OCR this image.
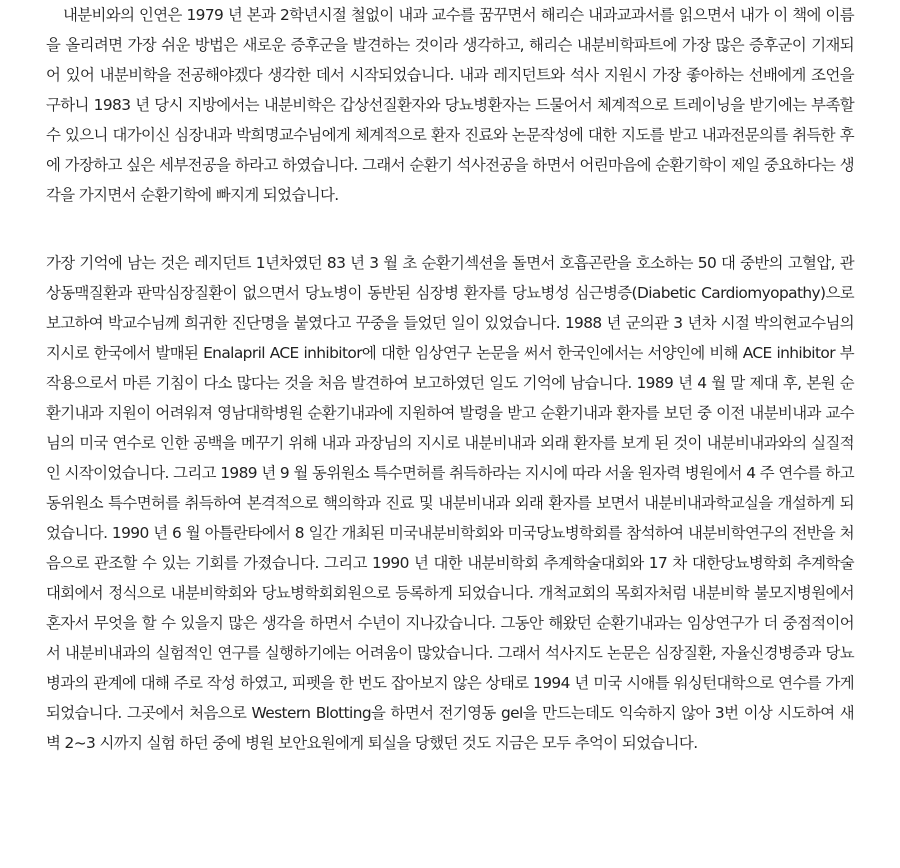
내분비와의 인연은 1979 년 본과 2학년시절 철없이 내과 교수를 꿈꾸면서 해리슨 내과교과서를 읽으면서 내가 이 책에 이름을 올리려면 가장 쉬운 방법은 새로운 증후군을 발견하는 것이라 생각하고, 해리슨 내분비학파트에 가장 많은 증후군이 기재되어 있어 내분비학을 전공해야겠다 생각한 데서 시작되었습니다. 내과 레지던트와 석사 지원시 가장 좋아하는 선배에게 조언을 구하니 1983 년 당시 지방에서는 내분비학은 갑상선질환자와 당뇨병환자는 드물어서 체계적으로 트레이닝을 받기에는 부족할 수 있으니 대가이신 심장내과 박희명교수님에게 체계적으로 환자 진료와 논문작성에 대한 지도를 받고 내과전문의를 취득한 후에 가장하고 싶은 세부전공을 하라고 하였습니다. 그래서 순환기 석사전공을 하면서 어린마음에 순환기학이 제일 중요하다는 생각을 가지면서 순환기학에 빠지게 되었습니다.

가장 기억에 남는 것은 레지던트 1년차였던 83 년 3 월 초 순환기섹션을 돌면서 호흡곤란을 호소하는 50 대 중반의 고혈압, 관상동맥질환과 판막심장질환이 없으면서 당뇨병이 동반된 심장병 환자를 당뇨병성 심근병증(Diabetic Cardiomyopathy)으로 보고하여 박교수님께 희귀한 진단명을 붙였다고 꾸중을 들었던 일이 있었습니다. 1988 년 군의관 3 년차 시절 박의현교수님의 지시로 한국에서 발매된 Enalapril ACE inhibitor에 대한 임상연구 논문을 써서 한국인에서는 서양인에 비해 ACE inhibitor 부작용으로서 마른 기침이 다소 많다는 것을 처음 발견하여 보고하였던 일도 기억에 남습니다. 1989 년 4 월 말 제대 후, 본원 순환기내과 지원이 어려워져 영남대학병원 순환기내과에 지원하여 발령을 받고 순환기내과 환자를 보던 중 이전 내분비내과 교수님의 미국 연수로 인한 공백을 메꾸기 위해 내과 과장님의 지시로 내분비내과 외래 환자를 보게 된 것이 내분비내과와의 실질적인 시작이었습니다. 그리고 1989 년 9 월 동위원소 특수면허를 취득하라는 지시에 따라 서울 원자력 병원에서 4 주 연수를 하고 동위원소 특수면허를 취득하여 본격적으로 핵의학과 진료 및 내분비내과 외래 환자를 보면서 내분비내과학교실을 개설하게 되었습니다. 1990 년 6 월 아틀란타에서 8 일간 개최된 미국내분비학회와 미국당뇨병학회를 참석하여 내분비학연구의 전반을 처음으로 관조할 수 있는 기회를 가졌습니다. 그리고 1990 년 대한 내분비학회 추계학술대회와 17 차 대한당뇨병학회 추계학술대회에서 정식으로 내분비학회와 당뇨병학회회원으로 등록하게 되었습니다. 개척교회의 목회자처럼 내분비학 불모지병원에서 혼자서 무엇을 할 수 있을지 많은 생각을 하면서 수년이 지나갔습니다. 그동안 해왔던 순환기내과는 임상연구가 더 중점적이어서 내분비내과의 실험적인 연구를 실행하기에는 어려움이 많았습니다. 그래서 석사지도 논문은 심장질환, 자율신경병증과 당뇨병과의 관계에 대해 주로 작성 하였고, 피펫을 한 번도 잡아보지 않은 상태로 1994 년 미국 시애틀 워싱턴대학으로 연수를 가게 되었습니다. 그곳에서 처음으로 Western Blotting을 하면서 전기영동 gel을 만드는데도 익숙하지 않아 3번 이상 시도하여 새벽 2~3 시까지 실험 하던 중에 병원 보안요원에게 퇴실을 당했던 것도 지금은 모두 추억이 되었습니다.
